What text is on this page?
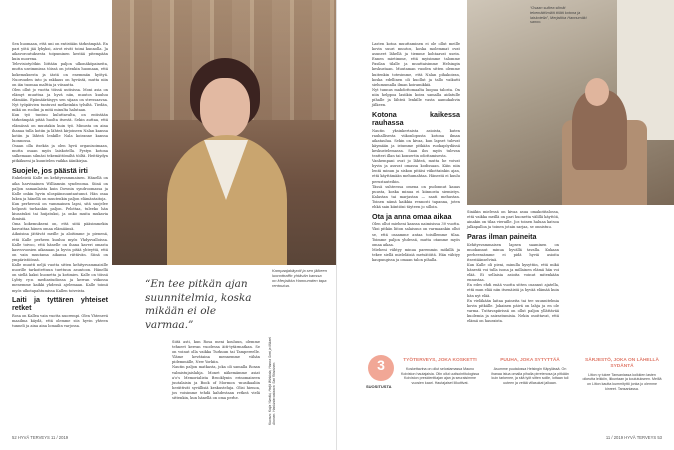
Sen huomaan, että uni on entistään tärkeämpää. En pari yötä jää lyhyksi, aivot eivät toimi kunnolla. Ja aikavoroutuksesta toipuminen kestää pitempään kuin nuorena.

Televisiotyötkin liittään paljon ulkonäköpaineita, mutta useimmissa töissä on jotenkin huomaan, että kokemuksesta ja iästä on enemmän hyötyä. Nuoruuden into ja rakkaus on hyvästä, mutta niin on iän tuomaa malttia ja viisautta.

Olen ollut jo vuotta töissä uutisissa. Moni asia on elämyt muuttua ja hyvä niin, muutos kuuluu elämään. Epämääräisyys sen sijaan on stressaavaa. Nyt työpäivien tuntuvat melkeinkin tylsiltä. Tiedän, mikä on roolini ja mitä minulta halutaan.

Kun työ tuntuu kuluttavalta, on entistään tärkeämpää pitää huolta itsestä. Sekin auttaa, että elämässä on muutakin kuin työ. Minusta on aina ihanaa tulla kotiin ja lähteä kirjoineen Nalan kanssa kotiin ja lähteä lenkille Nala koiranne kanssa luonnossa.

Osaan olla itsekäs ja olen hyvä organisoimaan, mutta osaan myös laiskotella. Pystyn kotona sulkemaan silmäsi tekemättömiltä töiltä. Heittäydyn pitkäkseni ja kuuntelen vaikka äänikirjaa.

Suojele, jos päästä irti

Enkeleistä Kalle on kehitysvammainen. Hänellä on aika harvinainen Williamsin syndrooma. Siinä on paljon samanlaista kuin Downin syndroomassa ja Kalle onkin hyvin ulospäinsuuntautunut. Hän osaa lukea ja hänellä on muutenkin paljon elämäntaitoja.

Kun perheessä on vammainen lapsi, sitä suojelee helposti turhankin paljon. Pelottaa, tuleeko hän kiusatuksi tai huijatuksi, ja onko muita mukavia ihmisiä.

Oma kokemukseni on, että siitä pääsimmekin kasvattaa hänen omaa elämäänsä.

Aikuisina jättävät meille ja aloitimme jo pienenä, että Kalle perheen kuuluu myös Yhdysvalloissa. Kalle toivoo, että hänelle on ihana kaveri omasta kasvuvuosien aikanaan ja hyvin pitää yhteyttä, että on vain muutama aikansa riittävän. Siinä on ympäristöönsä.

Kalle muutti neljä vuotta sitten kehitysvammaisille nuorille tarkoitettuun tuettuun asuntoon. Hänellä on siellä kaksi huonetta ja kotimies. Kalle on töissä Lybty ry:n mediastudiossa ja kerran viikossa menemme kaikki yhdessä ajelemaan. Kalle toimii myös ulkotapahtumissa Kallen toiveista.

Laiti ja tyttären yhteiset retket

Rosa on Kalleа vain vuotta nuorempi. Olen Yhtenevä maailma käydä, että olemme siis hyvin yhteen tunneli ja aina aina lomailin varjossa.

Siitä asti, kun Rosa meni kouluun, olemme tehneet kerran vuodessa äiti-tytärmatkan. Se on voinut olla vaikka Turkuun tai Tampereelle. Yläme kevätaina mennemme vähän pidemmälle, New Yorkiin.

Nautin paljon matkasta, joka oli samalla Rosan valmistujaislahja. Monet näkemämme asiat a'o's Memorialista Brooklynin erinomaiseen juutalaisin ja Book of Mormon -musikaaliin herättivät syvällisiä keskusteluja. Olisi hienoa, jos voisimme tehdä kahdestaan retkeä vielä sittenkin, kun hänellä on oma perhe.

“En tee pitkän ajan suunnitelmia, koska mikään ei ole varmaa.”
Kampaajakäyntil ja sen jälkeen luonottraffic yhtävän kanssa on Merjaikka Hannumden tapa rentoutua.
Kuvaus: Kaija Ylimäki, Heljä Wirkkala, Hanna Sorri ja Mikael Ahonen. Hankintavastaava: Sari Riisioinen.
52 HYVÄ TERVEYS 11 / 2019

Lasten kotoa muuttaminen ei ole ollut meille kovin suuri muutos, koska molemmat ovat asuneet lähellä ja tiemme kohtaavat usein. Ennen mietimme, että myisimme talomme Pasilan tilalle ja muuttaisimme Helsingin keskustaan. Muutaman vuoden sitten olemme kuitenkin totesimme, että Nalan pihakoiran, koska edellinen oli kuollut ja tallo vaikutti sielumumalla ilman koiramikkiä.

Nyt tunnus mahdottomaalta luopua talosta. On niin helppoa lasiikin koira samalla aidatulle pihalle ja lähteä lenkille vasta aamukahvin jälkeen.

Kotona kaikessa rauhassa

Nautin yksinkertaista asioista, kuten rauhallisesta viikonlopusta kotona ilman aikataulua. Sekin on kivaa, kun lapset tulevat käymään ja istumme pitkään ruokapöydässä keskustelemassa. Saan ilos myös tulevan teatteri illan tai konsertin odottamisesta.

Vanhempani ovat jo lähteä, mutta he voivat hyvin ja asuvat omassa kodissaan. Käin niin lentä minun ja siskon pitäisi viikottainkin ajan, että käyttämään mehumahtaa. Hänestä ei kuulu perustauteihin.

Tässä suhteessa omena on pudonnut kauas puusta, koska minua ei kiinnosta siemistys. Kalastan tai marjastan — saati mehustan. Toinen nämä kaikkia rennosti tapanna, joten ehkä sain kiintiöni täyteen jo silloin.

Ota ja anna omaa aikaa

Olen ollut mieheni kanssa naimisissa 30 vuotta. Yksi pitkän liiton salaisuus on varmaankin ollut se, että osaamme antaa toisillemme tilaa. Toimme paljon yhdessä, mutta otamme myös omaa aikaa.

Mieheni vähtyy minua paremmin mökillä ja tekee siellä mieleläisiä metsätöitä. Hän vähtyy kaupungissa ja omaan talon pihalla.

“Osaan sulkea silmät tekemättömiltä töiltä kotona ja laiskotella”, Merjaikka Hannumäki sanoo.

Sinäkin mielessä on kivaa asua omakotitalossa, että vaikka meillä on pari huonetta välillä käyttöä, ainakin on tilaa vieraille. Jos toinen haluaa katsoa jalkapalloa ja toinen jotain sarjaa, se onnistuu.

Paras ilman paineita

Kehitysvammaisen lapsen saaminen on muokannut minua hyvällä tavalla. Kukaan perheessämme ei pidä hyviä asioita itsestäänselvinä.

Kun Kalle oli pieni, minulla kysyttiin, että mikä hänestä voi tulla isona ja millainen elämä hän voi elää. Ei sellaisia asioita voinut mitenkään ennustaa.

En edes ehdi enää vuotta sitten osannut ajatella, että mun elää niin itsenäistä ja hyvää elämää kuin hän nyt elää.

En vieläkään laitaa paineita tai tee suunnitelmia kovin pitkälle. Jokainen päivä on lahja ja en ole varma. Tuttavapiirissä on ollut paljon yllättävää kuolemia ja sairastumisia. Nekin osoittavat, että elämä on hauraista.

11 / 2019 HYVÄ TERVEYS 53
3
SUOSITUSTA
TYÖTERVEYS, JOKA KOSKETTI
Koskettavina on ollut selostamassa Mauno Koiviston hautajaisia. Olin ollut uutisointitulogissa Koiviston presidenttiajan ajan ja seuraisimme vuosien kaari. Hautajaiset liikuttivat.
PUUHA, JOKA SYTYTTÄÄ
Asumme puutalossa Helsingin Käpylässä. On ihanaa istua omalla pihalla pirretenosa ja pitkään kuin tarkenee, ja sitä työt sitten soille, lottaan tuli uuteen ja vetää villasukat jalkaan.
SÄRJESTÖ, JOKA ON LÄHELLÄ SYDÄNTÄ
Liiton ry tukee Tansaniassa koikkien lasten oikeutta leikkiin, liikuntaan ja koulutukseen. Meillä on Liiton kautta kummityttö jonka jo olemme kinreet. Tansaniassa.
